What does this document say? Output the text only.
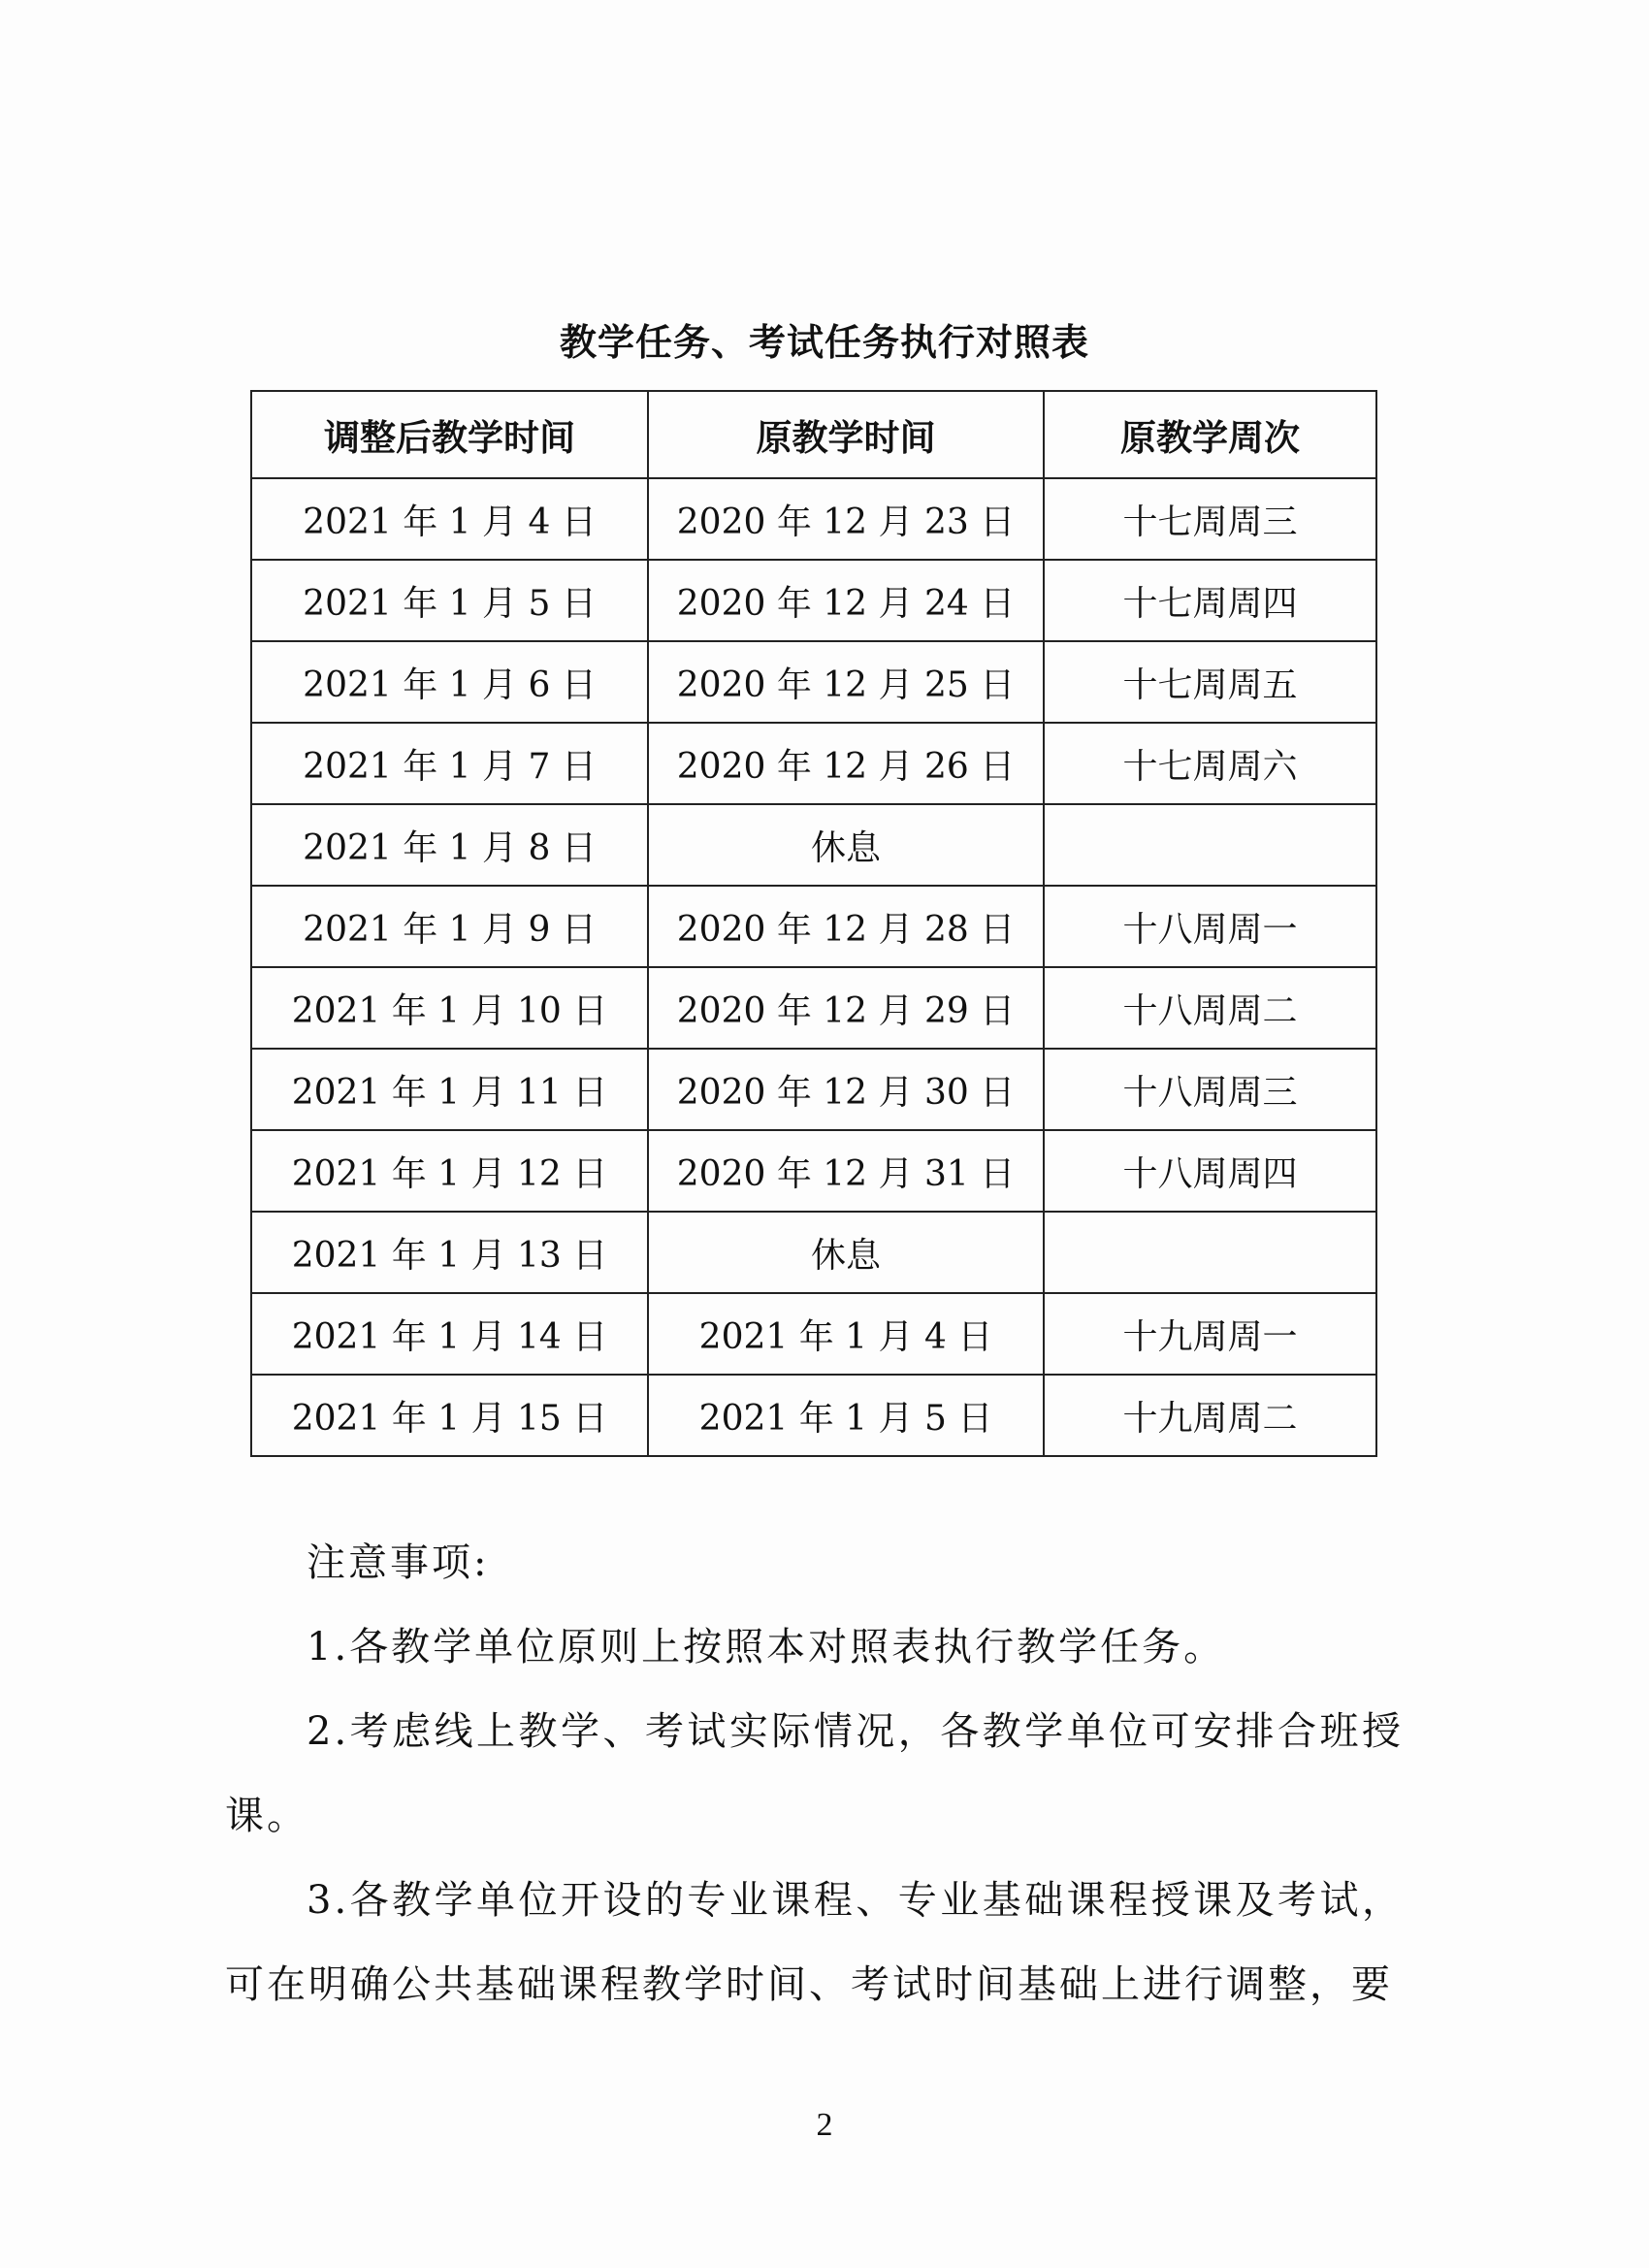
教学任务、考试任务执行对照表
调整后教学时间	原教学时间	原教学周次
2021 年 1 月 4 日	2020 年 12 月 23 日	十七周周三
2021 年 1 月 5 日	2020 年 12 月 24 日	十七周周四
2021 年 1 月 6 日	2020 年 12 月 25 日	十七周周五
2021 年 1 月 7 日	2020 年 12 月 26 日	十七周周六
2021 年 1 月 8 日	休息	
2021 年 1 月 9 日	2020 年 12 月 28 日	十八周周一
2021 年 1 月 10 日	2020 年 12 月 29 日	十八周周二
2021 年 1 月 11 日	2020 年 12 月 30 日	十八周周三
2021 年 1 月 12 日	2020 年 12 月 31 日	十八周周四
2021 年 1 月 13 日	休息	
2021 年 1 月 14 日	2021 年 1 月 4 日	十九周周一
2021 年 1 月 15 日	2021 年 1 月 5 日	十九周周二

注意事项:

1.各教学单位原则上按照本对照表执行教学任务。

2.考虑线上教学、考试实际情况，各教学单位可安排合班授课。

3.各教学单位开设的专业课程、专业基础课程授课及考试，可在明确公共基础课程教学时间、考试时间基础上进行调整，要

2
